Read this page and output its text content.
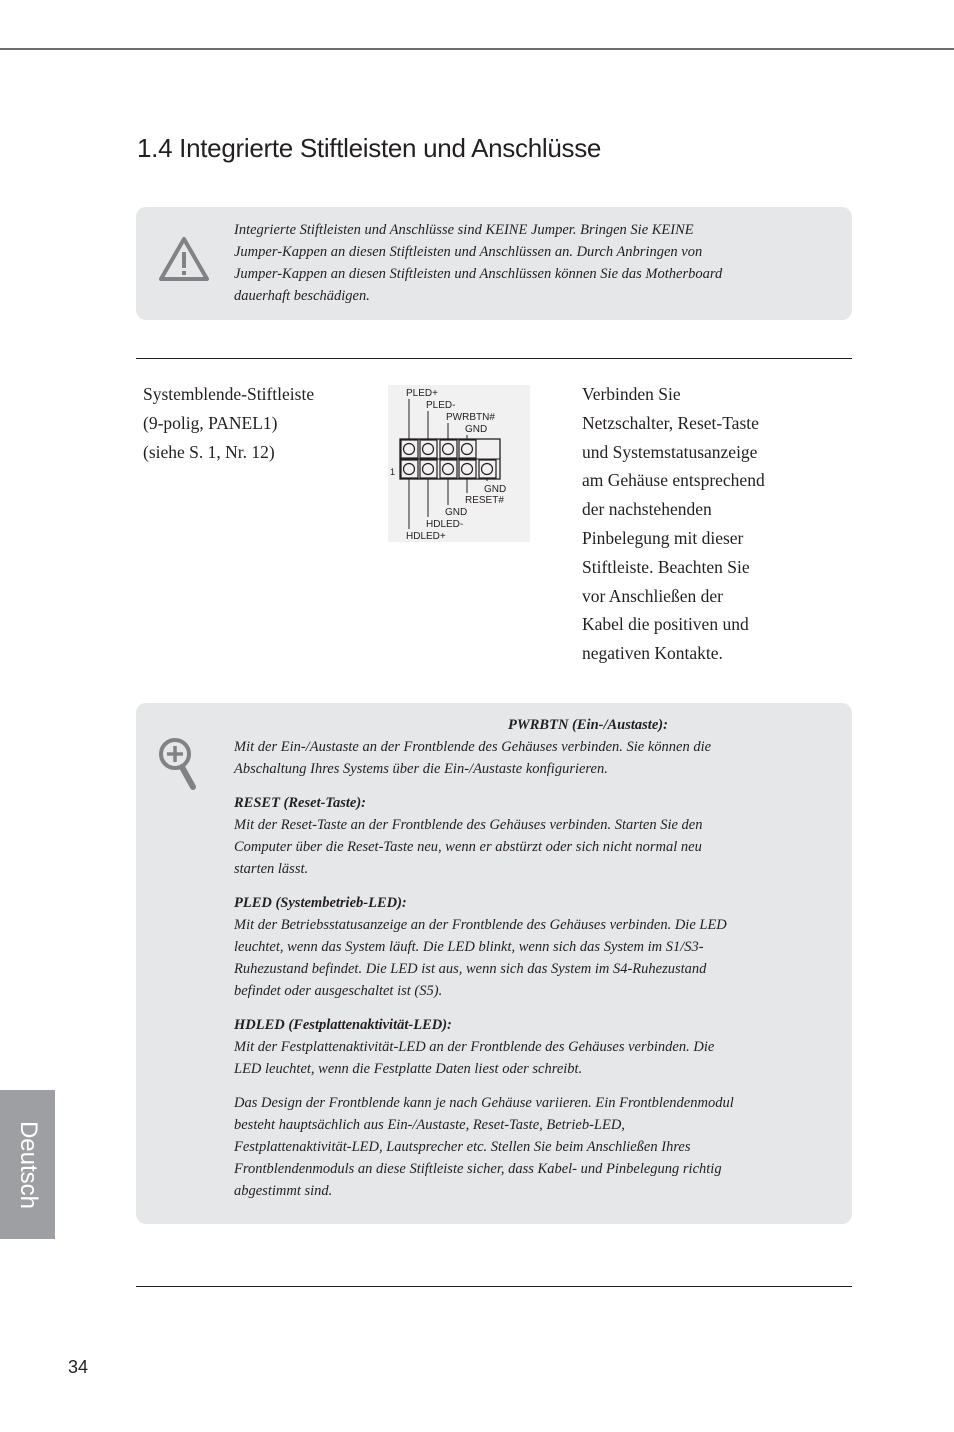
1.4 Integrierte Stiftleisten und Anschlüsse
Integrierte Stiftleisten und Anschlüsse sind KEINE Jumper. Bringen Sie KEINE
Jumper-Kappen an diesen Stiftleisten und Anschlüssen an. Durch Anbringen von
Jumper-Kappen an diesen Stiftleisten und Anschlüssen können Sie das Motherboard
dauerhaft beschädigen.
Systemblende-Stiftleiste
(9-polig, PANEL1)
(siehe S. 1, Nr. 12)
PLED+
PLED-
PWRBTN#
GND
1
GND
RESET#
GND
HDLED-
HDLED+
Verbinden Sie
Netzschalter, Reset-Taste
und Systemstatusanzeige
am Gehäuse entsprechend
der nachstehenden
Pinbelegung mit dieser
Stiftleiste. Beachten Sie
vor Anschließen der
Kabel die positiven und
negativen Kontakte.
PWRBTN (Ein-/Austaste):
Mit der Ein-/Austaste an der Frontblende des Gehäuses verbinden. Sie können die
Abschaltung Ihres Systems über die Ein-/Austaste konfigurieren.
RESET (Reset-Taste):
Mit der Reset-Taste an der Frontblende des Gehäuses verbinden. Starten Sie den
Computer über die Reset-Taste neu, wenn er abstürzt oder sich nicht normal neu
starten lässt.
PLED (Systembetrieb-LED):
Mit der Betriebsstatusanzeige an der Frontblende des Gehäuses verbinden. Die LED
leuchtet, wenn das System läuft. Die LED blinkt, wenn sich das System im S1/S3-
Ruhezustand befindet. Die LED ist aus, wenn sich das System im S4-Ruhezustand
befindet oder ausgeschaltet ist (S5).
HDLED (Festplattenaktivität-LED):
Mit der Festplattenaktivität-LED an der Frontblende des Gehäuses verbinden. Die
LED leuchtet, wenn die Festplatte Daten liest oder schreibt.
Das Design der Frontblende kann je nach Gehäuse variieren. Ein Frontblendenmodul
besteht hauptsächlich aus Ein-/Austaste, Reset-Taste, Betrieb-LED,
Festplattenaktivität-LED, Lautsprecher etc. Stellen Sie beim Anschließen Ihres
Frontblendenmoduls an diese Stiftleiste sicher, dass Kabel- und Pinbelegung richtig
abgestimmt sind.
Deutsch
34
